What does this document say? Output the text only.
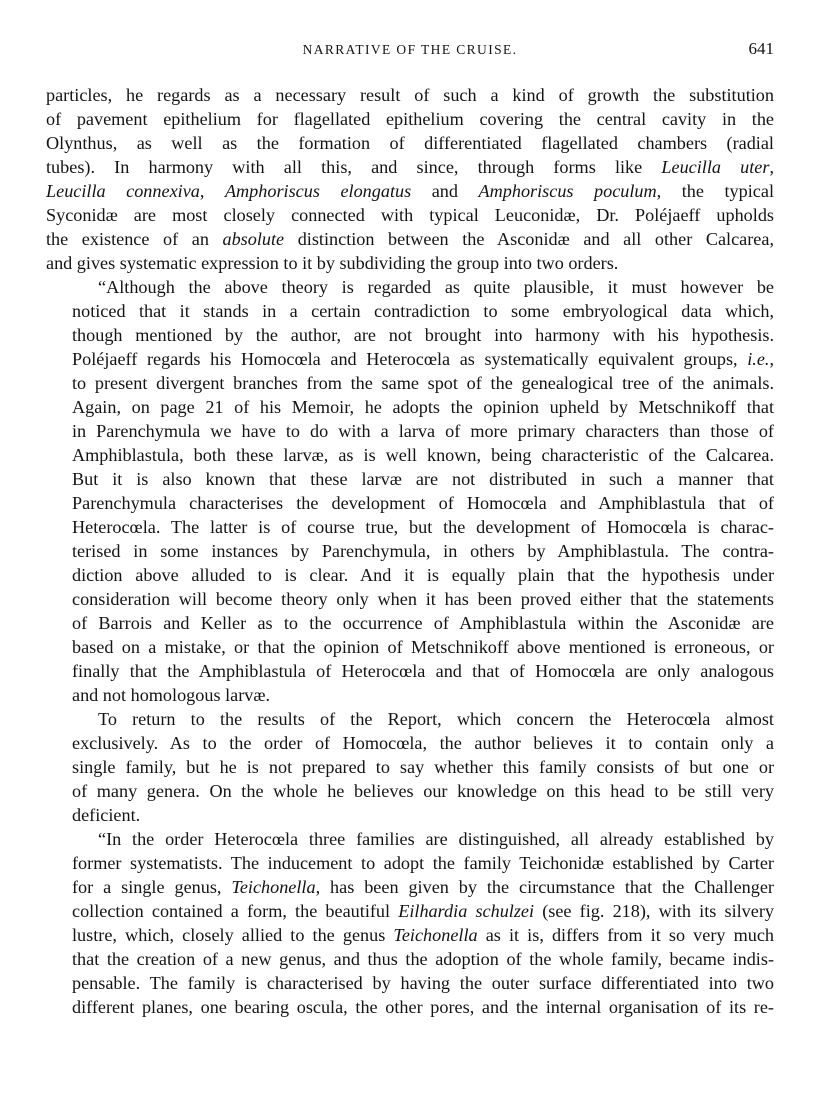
NARRATIVE OF THE CRUISE.	641

particles, he regards as a necessary result of such a kind of growth the substitution
of pavement epithelium for flagellated epithelium covering the central cavity in the
Olynthus, as well as the formation of differentiated flagellated chambers (radial
tubes). In harmony with all this, and since, through forms like Leucilla uter,
Leucilla connexiva, Amphoriscus elongatus and Amphoriscus poculum, the typical
Syconidæ are most closely connected with typical Leuconidæ, Dr. Poléjaeff upholds
the existence of an absolute distinction between the Asconidæ and all other Calcarea,
and gives systematic expression to it by subdividing the group into two orders.

“Although the above theory is regarded as quite plausible, it must however be
noticed that it stands in a certain contradiction to some embryological data which,
though mentioned by the author, are not brought into harmony with his hypothesis.
Poléjaeff regards his Homocœla and Heterocœla as systematically equivalent groups, i.e.,
to present divergent branches from the same spot of the genealogical tree of the animals.
Again, on page 21 of his Memoir, he adopts the opinion upheld by Metschnikoff that
in Parenchymula we have to do with a larva of more primary characters than those of
Amphiblastula, both these larvæ, as is well known, being characteristic of the Calcarea.
But it is also known that these larvæ are not distributed in such a manner that
Parenchymula characterises the development of Homocœla and Amphiblastula that of
Heterocœla. The latter is of course true, but the development of Homocœla is charac-
terised in some instances by Parenchymula, in others by Amphiblastula. The contra-
diction above alluded to is clear. And it is equally plain that the hypothesis under
consideration will become theory only when it has been proved either that the statements
of Barrois and Keller as to the occurrence of Amphiblastula within the Asconidæ are
based on a mistake, or that the opinion of Metschnikoff above mentioned is erroneous, or
finally that the Amphiblastula of Heterocœla and that of Homocœla are only analogous
and not homologous larvæ.

To return to the results of the Report, which concern the Heterocœla almost
exclusively. As to the order of Homocœla, the author believes it to contain only a
single family, but he is not prepared to say whether this family consists of but one or
of many genera. On the whole he believes our knowledge on this head to be still very
deficient.

“In the order Heterocœla three families are distinguished, all already established by
former systematists. The inducement to adopt the family Teichonidæ established by Carter
for a single genus, Teichonella, has been given by the circumstance that the Challenger
collection contained a form, the beautiful Eilhardia schulzei (see fig. 218), with its silvery
lustre, which, closely allied to the genus Teichonella as it is, differs from it so very much
that the creation of a new genus, and thus the adoption of the whole family, became indis-
pensable. The family is characterised by having the outer surface differentiated into two
different planes, one bearing oscula, the other pores, and the internal organisation of its re-
